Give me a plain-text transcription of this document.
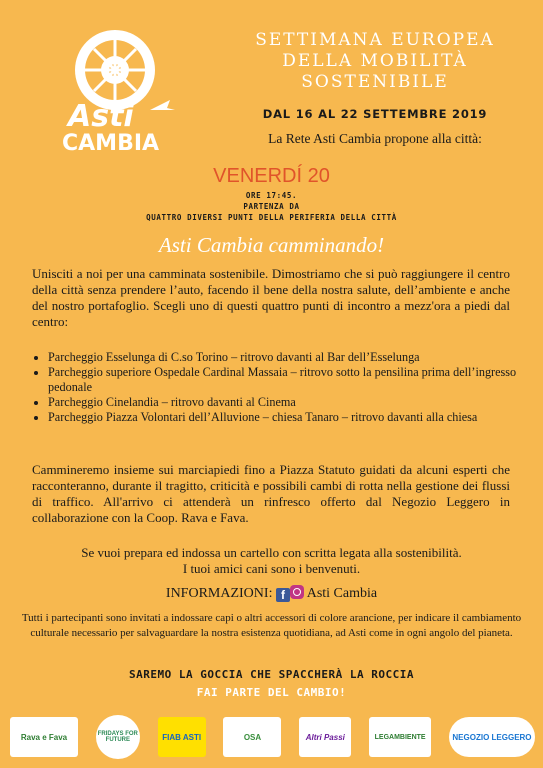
Asti
CAMBIA
SETTIMANA EUROPEA
DELLA MOBILITÀ
SOSTENIBILE
DAL 16 AL 22 SETTEMBRE 2019
La Rete Asti Cambia propone alla città:
VENERDÍ 20
ORE 17:45.
PARTENZA DA
QUATTRO DIVERSI PUNTI DELLA PERIFERIA DELLA CITTÀ
Asti Cambia camminando!
Unisciti a noi per una camminata sostenibile. Dimostriamo che si può raggiungere il centro della città senza prendere l’auto, facendo il bene della nostra salute, dell’ambiente e anche del nostro portafoglio. Scegli uno di questi quattro punti di incontro a mezz'ora a piedi dal centro:
• Parcheggio Esselunga di C.so Torino – ritrovo davanti al Bar dell’Esselunga
• Parcheggio superiore Ospedale Cardinal Massaia – ritrovo sotto la pensilina prima dell’ingresso pedonale
• Parcheggio Cinelandia – ritrovo davanti al Cinema
• Parcheggio Piazza Volontari dell’Alluvione – chiesa Tanaro – ritrovo davanti alla chiesa
Cammineremo insieme sui marciapiedi fino a Piazza Statuto guidati da alcuni esperti che racconteranno, durante il tragitto, criticità e possibili cambi di rotta nella gestione dei flussi di traffico. All'arrivo ci attenderà un rinfresco offerto dal Negozio Leggero in collaborazione con la Coop. Rava e Fava.
Se vuoi prepara ed indossa un cartello con scritta legata alla sostenibilità.
I tuoi amici cani sono i benvenuti.
INFORMAZIONI: f Asti Cambia
Tutti i partecipanti sono invitati a indossare capi o altri accessori di colore arancione, per indicare il cambiamento culturale necessario per salvaguardare la nostra esistenza quotidiana, ad Asti come in ogni angolo del pianeta.
SAREMO LA GOCCIA CHE SPACCHERÀ LA ROCCIA
FAI PARTE DEL CAMBIO!
Rava e Fava	FRIDAYS FOR FUTURE	FIAB ASTI	OSA	Altri Passi	LEGAMBIENTE	NEGOZIO LEGGERO
